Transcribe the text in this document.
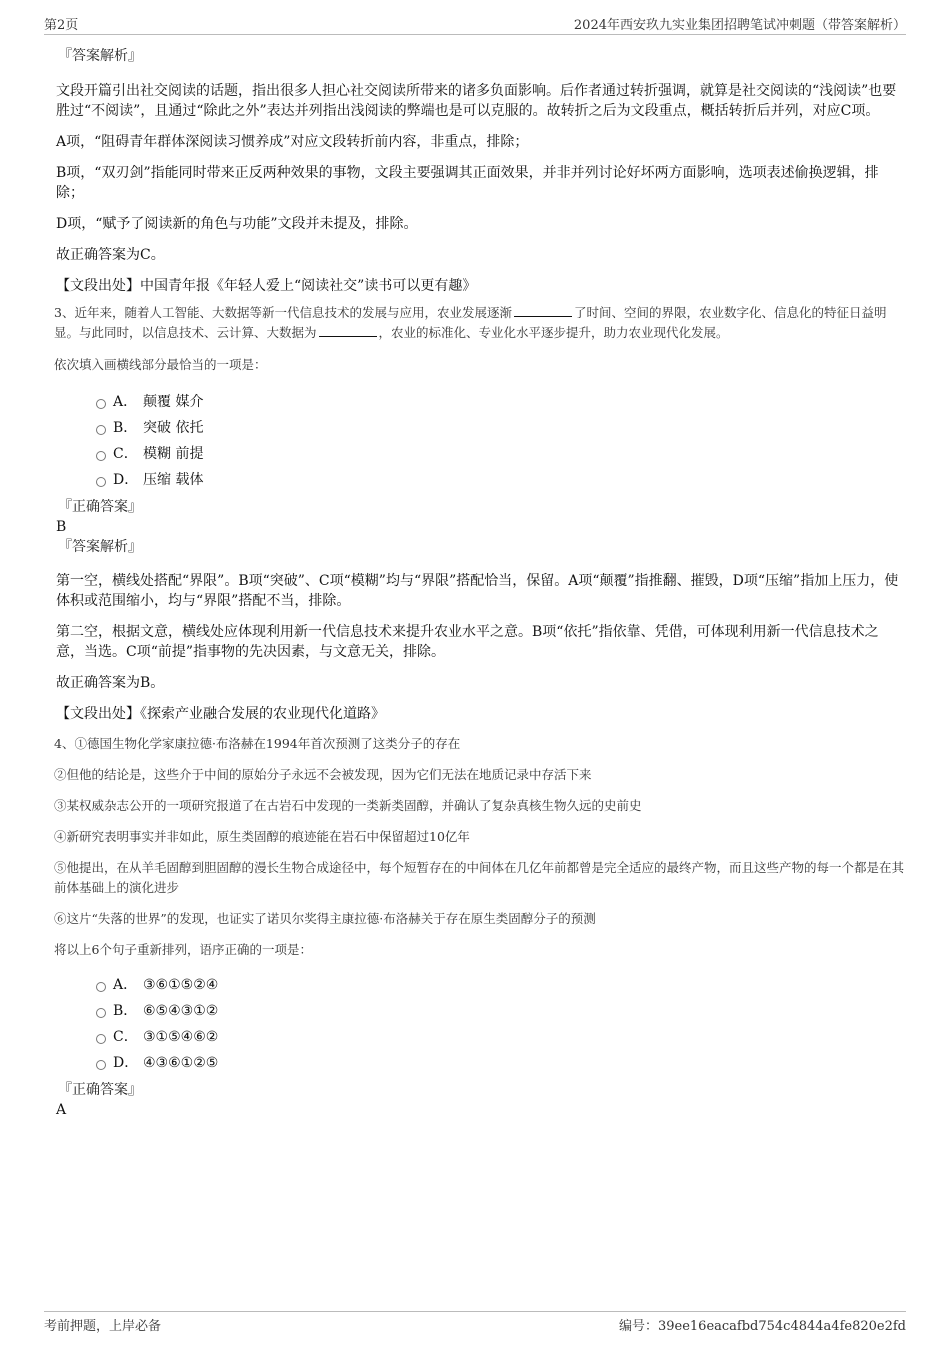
第2页	2024年西安玖九实业集团招聘笔试冲刺题（带答案解析）
『答案解析』
文段开篇引出社交阅读的话题，指出很多人担心社交阅读所带来的诸多负面影响。后作者通过转折强调，就算是社交阅读的“浅阅读”也要胜过“不阅读”，且通过“除此之外”表达并列指出浅阅读的弊端也是可以克服的。故转折之后为文段重点，概括转折后并列，对应C项。
A项，“阻碍青年群体深阅读习惯养成”对应文段转折前内容，非重点，排除；
B项，“双刃剑”指能同时带来正反两种效果的事物，文段主要强调其正面效果，并非并列讨论好坏两方面影响，选项表述偷换逻辑，排除；
D项，“赋予了阅读新的角色与功能”文段并未提及，排除。
故正确答案为C。
【文段出处】中国青年报《年轻人爱上“阅读社交”读书可以更有趣》
3、近年来，随着人工智能、大数据等新一代信息技术的发展与应用，农业发展逐渐	了时间、空间的界限，农业数字化、信息化的特征日益明显。与此同时，以信息技术、云计算、大数据为	，农业的标准化、专业化水平逐步提升，助力农业现代化发展。
依次填入画横线部分最恰当的一项是：
A． 颠覆 媒介
B． 突破 依托
C． 模糊 前提
D． 压缩 载体
『正确答案』
B
『答案解析』
第一空，横线处搭配“界限”。B项“突破”、C项“模糊”均与“界限”搭配恰当，保留。A项“颠覆”指推翻、摧毁，D项“压缩”指加上压力，使体积或范围缩小，均与“界限”搭配不当，排除。
第二空，根据文意，横线处应体现利用新一代信息技术来提升农业水平之意。B项“依托”指依靠、凭借，可体现利用新一代信息技术之意，当选。C项“前提”指事物的先决因素，与文意无关，排除。
故正确答案为B。
【文段出处】《探索产业融合发展的农业现代化道路》
4、①德国生物化学家康拉德·布洛赫在1994年首次预测了这类分子的存在
②但他的结论是，这些介于中间的原始分子永远不会被发现，因为它们无法在地质记录中存活下来
③某权威杂志公开的一项研究报道了在古岩石中发现的一类新类固醇，并确认了复杂真核生物久远的史前史
④新研究表明事实并非如此，原生类固醇的痕迹能在岩石中保留超过10亿年
⑤他提出，在从羊毛固醇到胆固醇的漫长生物合成途径中，每个短暂存在的中间体在几亿年前都曾是完全适应的最终产物，而且这些产物的每一个都是在其前体基础上的演化进步
⑥这片“失落的世界”的发现，也证实了诺贝尔奖得主康拉德·布洛赫关于存在原生类固醇分子的预测
将以上6个句子重新排列，语序正确的一项是：
A． ③⑥①⑤②④
B． ⑥⑤④③①②
C． ③①⑤④⑥②
D． ④③⑥①②⑤
『正确答案』
A
考前押题，上岸必备	编号：39ee16eacafbd754c4844a4fe820e2fd
